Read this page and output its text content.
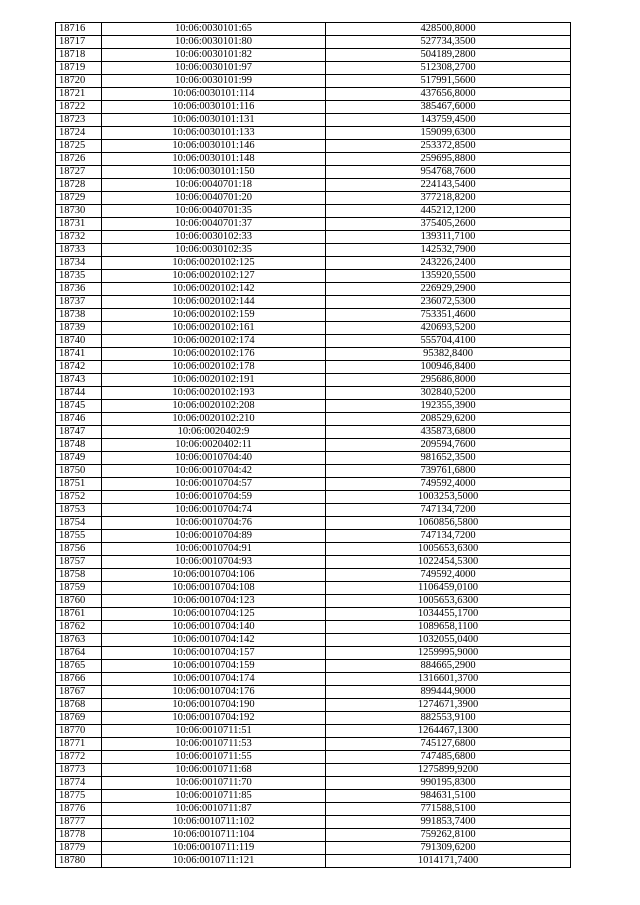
18716	10:06:0030101:65	428500,8000
18717	10:06:0030101:80	527734,3500
18718	10:06:0030101:82	504189,2800
18719	10:06:0030101:97	512308,2700
18720	10:06:0030101:99	517991,5600
18721	10:06:0030101:114	437656,8000
18722	10:06:0030101:116	385467,6000
18723	10:06:0030101:131	143759,4500
18724	10:06:0030101:133	159099,6300
18725	10:06:0030101:146	253372,8500
18726	10:06:0030101:148	259695,8800
18727	10:06:0030101:150	954768,7600
18728	10:06:0040701:18	224143,5400
18729	10:06:0040701:20	377218,8200
18730	10:06:0040701:35	445212,1200
18731	10:06:0040701:37	375405,2600
18732	10:06:0030102:33	139311,7100
18733	10:06:0030102:35	142532,7900
18734	10:06:0020102:125	243226,2400
18735	10:06:0020102:127	135920,5500
18736	10:06:0020102:142	226929,2900
18737	10:06:0020102:144	236072,5300
18738	10:06:0020102:159	753351,4600
18739	10:06:0020102:161	420693,5200
18740	10:06:0020102:174	555704,4100
18741	10:06:0020102:176	95382,8400
18742	10:06:0020102:178	100946,8400
18743	10:06:0020102:191	295686,8000
18744	10:06:0020102:193	302840,5200
18745	10:06:0020102:208	192355,3900
18746	10:06:0020102:210	208529,6200
18747	10:06:0020402:9	435873,6800
18748	10:06:0020402:11	209594,7600
18749	10:06:0010704:40	981652,3500
18750	10:06:0010704:42	739761,6800
18751	10:06:0010704:57	749592,4000
18752	10:06:0010704:59	1003253,5000
18753	10:06:0010704:74	747134,7200
18754	10:06:0010704:76	1060856,5800
18755	10:06:0010704:89	747134,7200
18756	10:06:0010704:91	1005653,6300
18757	10:06:0010704:93	1022454,5300
18758	10:06:0010704:106	749592,4000
18759	10:06:0010704:108	1106459,0100
18760	10:06:0010704:123	1005653,6300
18761	10:06:0010704:125	1034455,1700
18762	10:06:0010704:140	1089658,1100
18763	10:06:0010704:142	1032055,0400
18764	10:06:0010704:157	1259995,9000
18765	10:06:0010704:159	884665,2900
18766	10:06:0010704:174	1316601,3700
18767	10:06:0010704:176	899444,9000
18768	10:06:0010704:190	1274671,3900
18769	10:06:0010704:192	882553,9100
18770	10:06:0010711:51	1264467,1300
18771	10:06:0010711:53	745127,6800
18772	10:06:0010711:55	747485,6800
18773	10:06:0010711:68	1275899,9200
18774	10:06:0010711:70	990195,8300
18775	10:06:0010711:85	984631,5100
18776	10:06:0010711:87	771588,5100
18777	10:06:0010711:102	991853,7400
18778	10:06:0010711:104	759262,8100
18779	10:06:0010711:119	791309,6200
18780	10:06:0010711:121	1014171,7400
